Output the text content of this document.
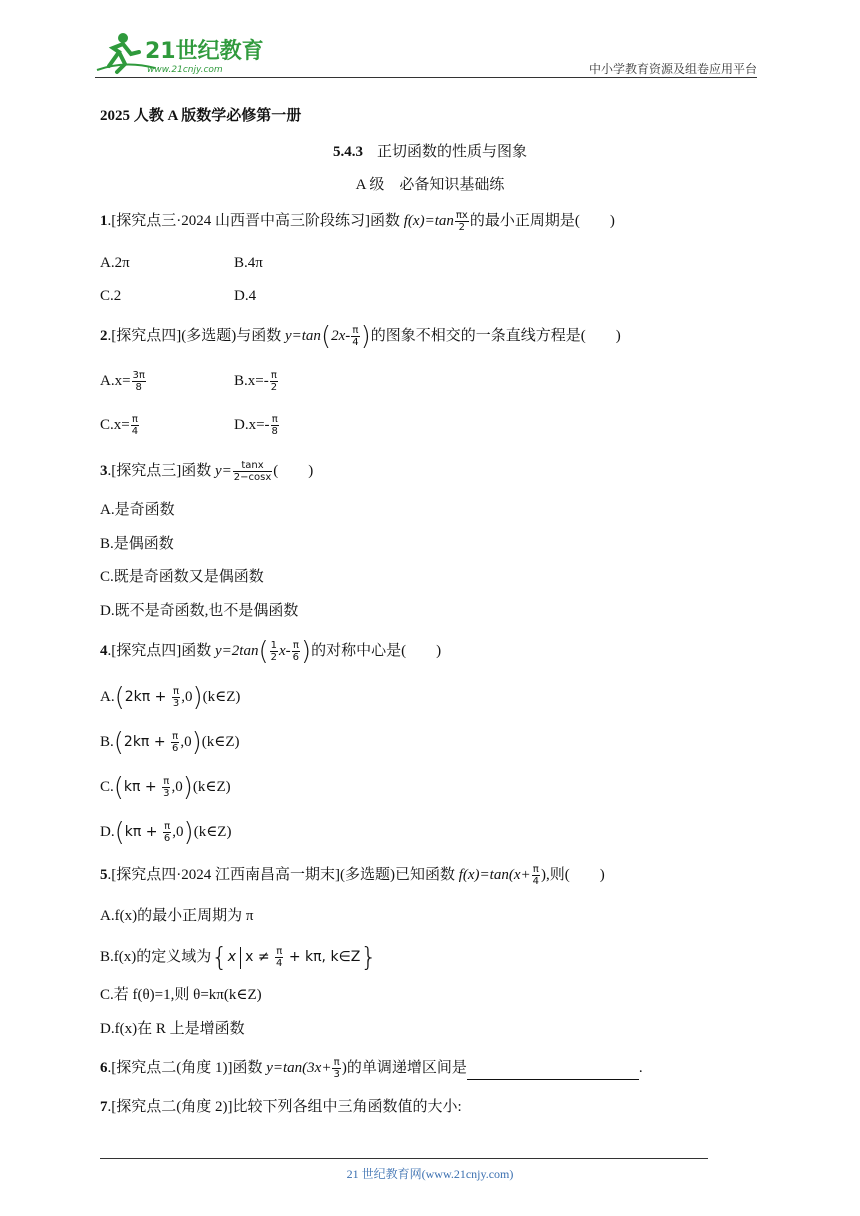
21世纪教育
www.21cnjy.com	中小学教育资源及组卷应用平台
2025 人教 A 版数学必修第一册
5.4.3 正切函数的性质与图象
A 级　必备知识基础练
1.[探究点三·2024 山西晋中高三阶段练习]函数 $f(x)=\tan \frac{\pi x}{2}$ 的最小正周期是( )
A.2π	B.4π
C.2	D.4
2.[探究点四](多选题)与函数 $y=\tan(2x- \frac{\pi}{4}$ )的图象不相交的一条直线方程是( )
$A.x= \frac{3\pi}{8}$	$B.x=- \frac{\pi}{2}$
$C.x= \frac{\pi}{4}$	$D.x=- \frac{\pi}{8}$
3.[探究点三]函数 $y= \frac{\tan x}{2-\cos x}$ ( )
A.是奇函数
B.是偶函数
C.既是奇函数又是偶函数
D.既不是奇函数,也不是偶函数
4.[探究点四]函数 $y=2\tan( \frac{1}{2} x- \frac{\pi}{6}$ )的对称中心是( )
$A.(2k\pi + \frac{\pi}{3}$ ,0)(k∈Z)
$B.(2k\pi + \frac{\pi}{6}$ ,0)(k∈Z)
$C.(k\pi + \frac{\pi}{3}$ ,0)(k∈Z)
$D.(k\pi + \frac{\pi}{6}$ ,0)(k∈Z)
5.[探究点四·2024 江西南昌高一期末](多选题)已知函数 $f(x)=\tan(x+ \frac{\pi}{4}$ ),则( )
A.f(x)的最小正周期为 π
B.f(x)的定义域为{x $x \ne \frac{\pi}{4} + k\pi$, k∈Z}
C.若 f(θ)=1,则 θ=kπ(k∈Z)
D.f(x)在 R 上是增函数
6.[探究点二(角度 1)]函数 $y=\tan(3x+ \frac{\pi}{3}$ )的单调递增区间是	.
7.[探究点二(角度 2)]比较下列各组中三角函数值的大小:
21 世纪教育网(www.21cnjy.com)
